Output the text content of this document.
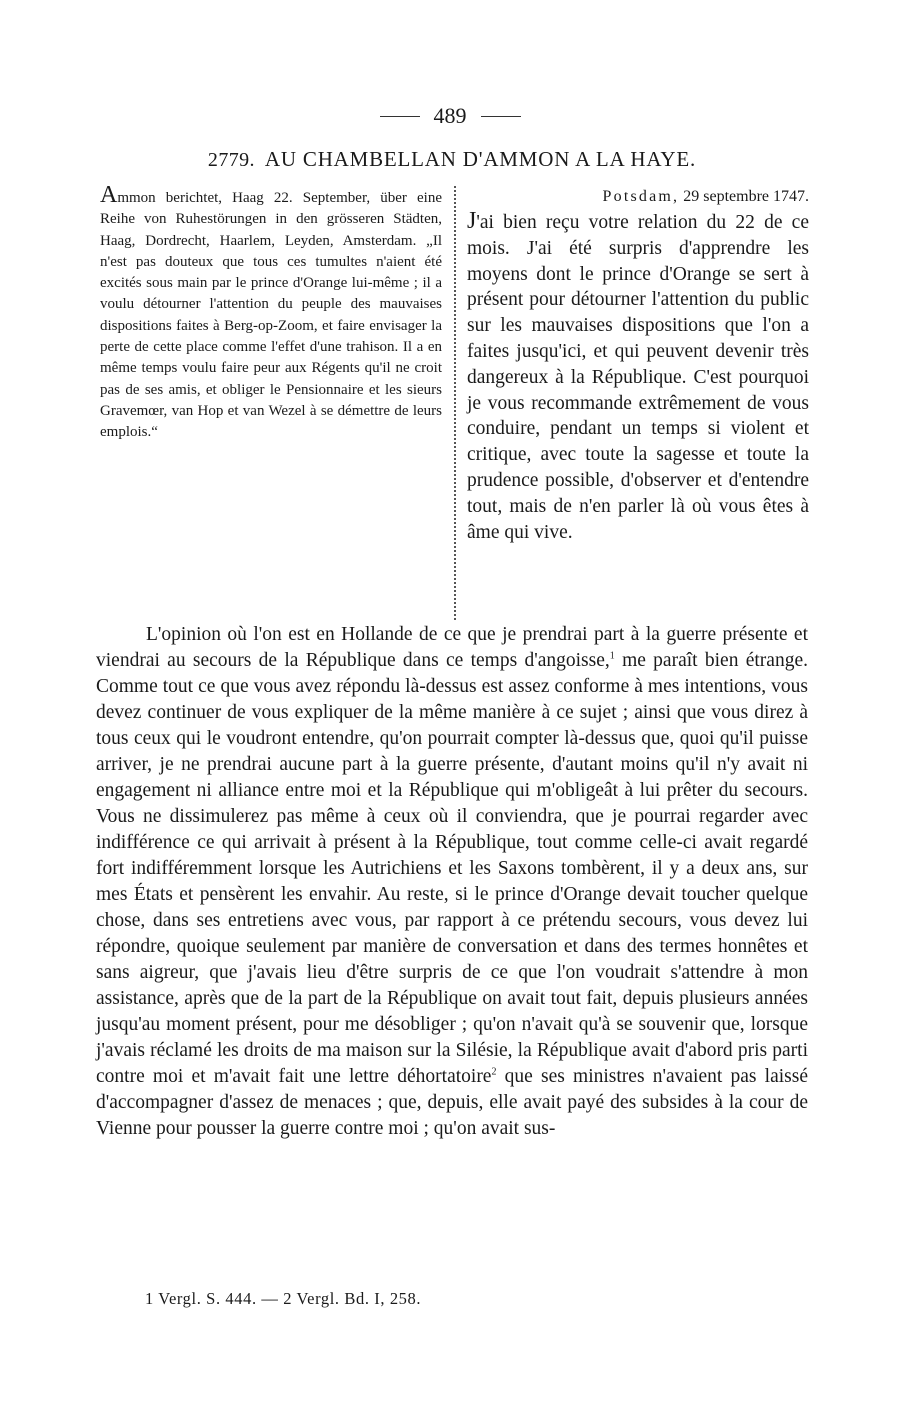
489
2779. AU CHAMBELLAN D'AMMON A LA HAYE.

Ammon berichtet, Haag 22. September, über eine Reihe von Ruhestörungen in den grösseren Städten, Haag, Dordrecht, Haarlem, Leyden, Amsterdam. „Il n'est pas douteux que tous ces tumultes n'aient été excités sous main par le prince d'Orange lui-même ; il a voulu détourner l'attention du peuple des mauvaises dispositions faites à Berg-op-Zoom, et faire envisager la perte de cette place comme l'effet d'une trahison. Il a en même temps voulu faire peur aux Régents qu'il ne croit pas de ses amis, et obliger le Pensionnaire et les sieurs Gravemœr, van Hop et van Wezel à se démettre de leurs emplois.“

Potsdam, 29 septembre 1747.

J'ai bien reçu votre relation du 22 de ce mois. J'ai été surpris d'apprendre les moyens dont le prince d'Orange se sert à présent pour détourner l'attention du public sur les mauvaises dispositions que l'on a faites jusqu'ici, et qui peuvent devenir très dangereux à la République. C'est pourquoi je vous recommande extrêmement de vous conduire, pendant un temps si violent et critique, avec toute la sagesse et toute la prudence possible, d'observer et d'entendre tout, mais de n'en parler là où vous êtes à âme qui vive.

L'opinion où l'on est en Hollande de ce que je prendrai part à la guerre présente et viendrai au secours de la République dans ce temps d'angoisse,$^1$ me paraît bien étrange. Comme tout ce que vous avez répondu là-dessus est assez conforme à mes intentions, vous devez continuer de vous expliquer de la même manière à ce sujet ; ainsi que vous direz à tous ceux qui le voudront entendre, qu'on pourrait compter là-dessus que, quoi qu'il puisse arriver, je ne prendrai aucune part à la guerre présente, d'autant moins qu'il n'y avait ni engagement ni alliance entre moi et la République qui m'obligeât à lui prêter du secours. Vous ne dissimulerez pas même à ceux où il conviendra, que je pourrai regarder avec indifférence ce qui arrivait à présent à la République, tout comme celle-ci avait regardé fort indifféremment lorsque les Autrichiens et les Saxons tombèrent, il y a deux ans, sur mes États et pensèrent les envahir. Au reste, si le prince d'Orange devait toucher quelque chose, dans ses entretiens avec vous, par rapport à ce prétendu secours, vous devez lui répondre, quoique seulement par manière de conversation et dans des termes honnêtes et sans aigreur, que j'avais lieu d'être surpris de ce que l'on voudrait s'attendre à mon assistance, après que de la part de la République on avait tout fait, depuis plusieurs années jusqu'au moment présent, pour me désobliger ; qu'on n'avait qu'à se souvenir que, lorsque j'avais réclamé les droits de ma maison sur la Silésie, la République avait d'abord pris parti contre moi et m'avait fait une lettre déhortatoire$^2$ que ses ministres n'avaient pas laissé d'accompagner d'assez de menaces ; que, depuis, elle avait payé des subsides à la cour de Vienne pour pousser la guerre contre moi ; qu'on avait sus-

1 Vergl. S. 444. — 2 Vergl. Bd. I, 258.
